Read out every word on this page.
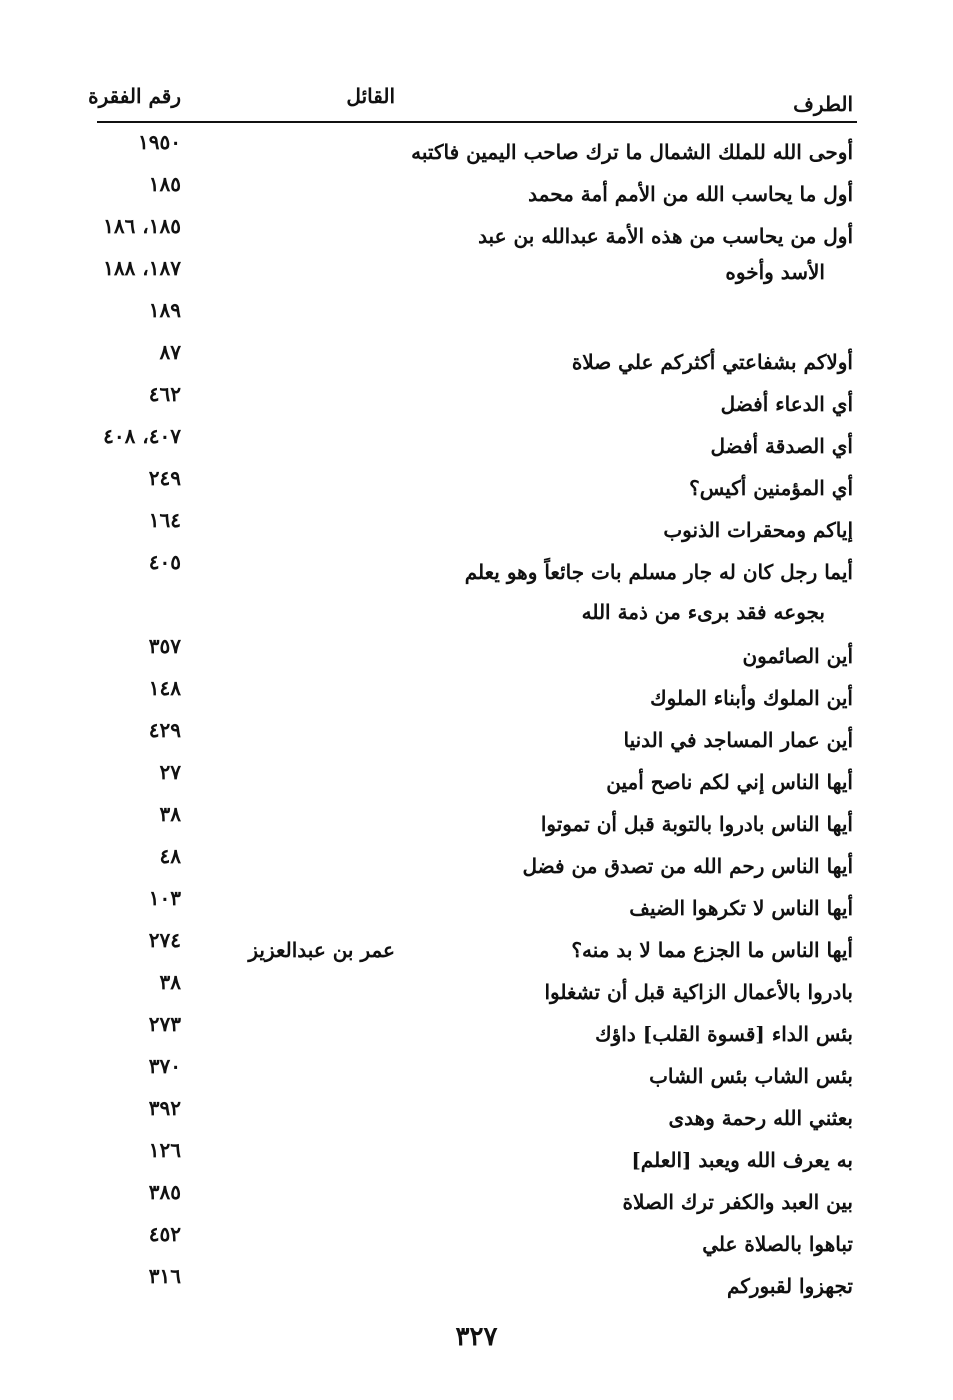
الطرف
القائل
رقم الفقرة
أوحى الله للملك الشمال ما ترك صاحب اليمين فاكتبه
١٩٥٠
أول ما يحاسب الله من الأمم أمة محمد
١٨٥
أول من يحاسب من هذه الأمة عبدالله بن عبد
١٨٥، ١٨٦
الأسد وأخوه
١٨٧، ١٨٨
١٨٩
أولاكم بشفاعتي أكثركم علي صلاة
٨٧
أي الدعاء أفضل
٤٦٢
أي الصدقة أفضل
٤٠٧، ٤٠٨
أي المؤمنين أكيس؟
٢٤٩
إياكم ومحقرات الذنوب
١٦٤
أيما رجل كان له جار مسلم بات جائعاً وهو يعلم
بجوعه فقد برىء من ذمة الله
٤٠٥
أين الصائمون
٣٥٧
أين الملوك وأبناء الملوك
١٤٨
أين عمار المساجد في الدنيا
٤٢٩
أيها الناس إني لكم ناصح أمين
٢٧
أيها الناس بادروا بالتوبة قبل أن تموتوا
٣٨
أيها الناس رحم الله من تصدق من فضل
٤٨
أيها الناس لا تكرهوا الضيف
١٠٣
أيها الناس ما الجزع مما لا بد منه؟
عمر بن عبدالعزيز
٢٧٤
بادروا بالأعمال الزاكية قبل أن تشغلوا
٣٨
بئس الداء [قسوة القلب] داؤك
٢٧٣
بئس الشاب بئس الشاب
٣٧٠
بعثني الله رحمة وهدى
٣٩٢
به يعرف الله ويعبد [العلم]
١٢٦
بين العبد والكفر ترك الصلاة
٣٨٥
تباهوا بالصلاة علي
٤٥٢
تجهزوا لقبوركم
٣١٦
٣٢٧
